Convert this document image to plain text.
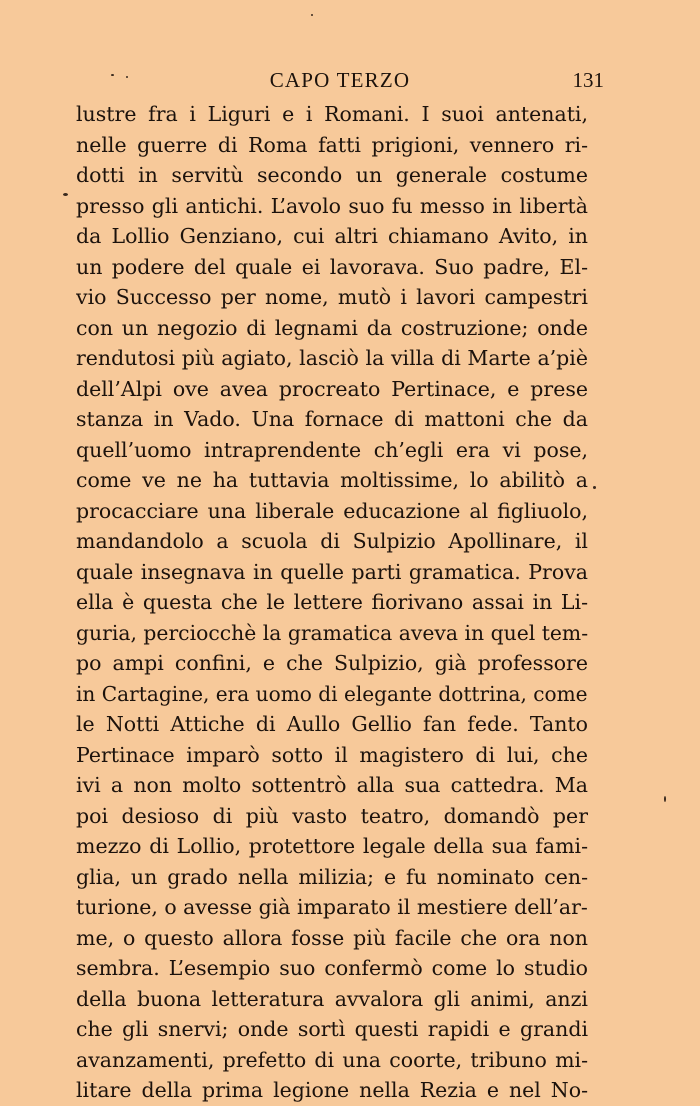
CAPO TERZO	131
lustre fra i Liguri e i Romani. I suoi antenati,
nelle guerre di Roma fatti prigioni, vennero ri-
dotti in servitù secondo un generale costume
presso gli antichi. L’avolo suo fu messo in libertà
da Lollio Genziano, cui altri chiamano Avito, in
un podere del quale ei lavorava. Suo padre, El-
vio Successo per nome, mutò i lavori campestri
con un negozio di legnami da costruzione; onde
rendutosi più agiato, lasciò la villa di Marte a’piè
dell’Alpi ove avea procreato Pertinace, e prese
stanza in Vado. Una fornace di mattoni che da
quell’uomo intraprendente ch’egli era vi pose,
come ve ne ha tuttavia moltissime, lo abilitò a
procacciare una liberale educazione al figliuolo,
mandandolo a scuola di Sulpizio Apollinare, il
quale insegnava in quelle parti gramatica. Prova
ella è questa che le lettere fiorivano assai in Li-
guria, perciocchè la gramatica aveva in quel tem-
po ampi confini, e che Sulpizio, già professore
in Cartagine, era uomo di elegante dottrina, come
le Notti Attiche di Aullo Gellio fan fede. Tanto
Pertinace imparò sotto il magistero di lui, che
ivi a non molto sottentrò alla sua cattedra. Ma
poi desioso di più vasto teatro, domandò per
mezzo di Lollio, protettore legale della sua fami-
glia, un grado nella milizia; e fu nominato cen-
turione, o avesse già imparato il mestiere dell’ar-
me, o questo allora fosse più facile che ora non
sembra. L’esempio suo confermò come lo studio
della buona letteratura avvalora gli animi, anzi
che gli snervi; onde sortì questi rapidi e grandi
avanzamenti, prefetto di una coorte, tribuno mi-
litare della prima legione nella Rezia e nel No-
